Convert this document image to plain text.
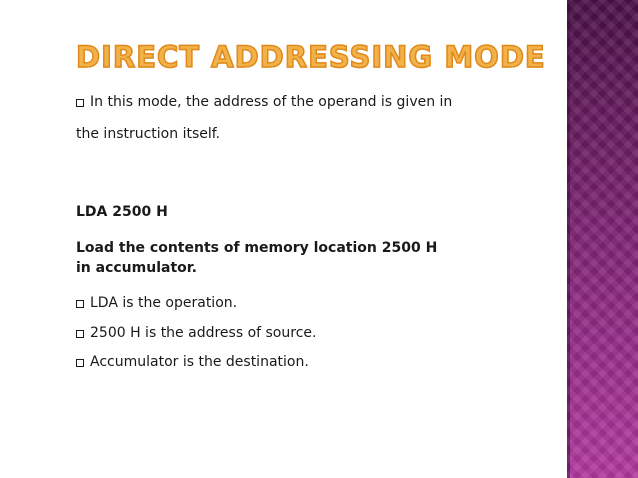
DIRECT ADDRESSING MODE
In this mode, the address of the operand is given in
the instruction itself.
LDA 2500 H
Load the contents of memory location 2500 H in accumulator.
LDA is the operation.
2500 H is the address of source.
Accumulator is the destination.
